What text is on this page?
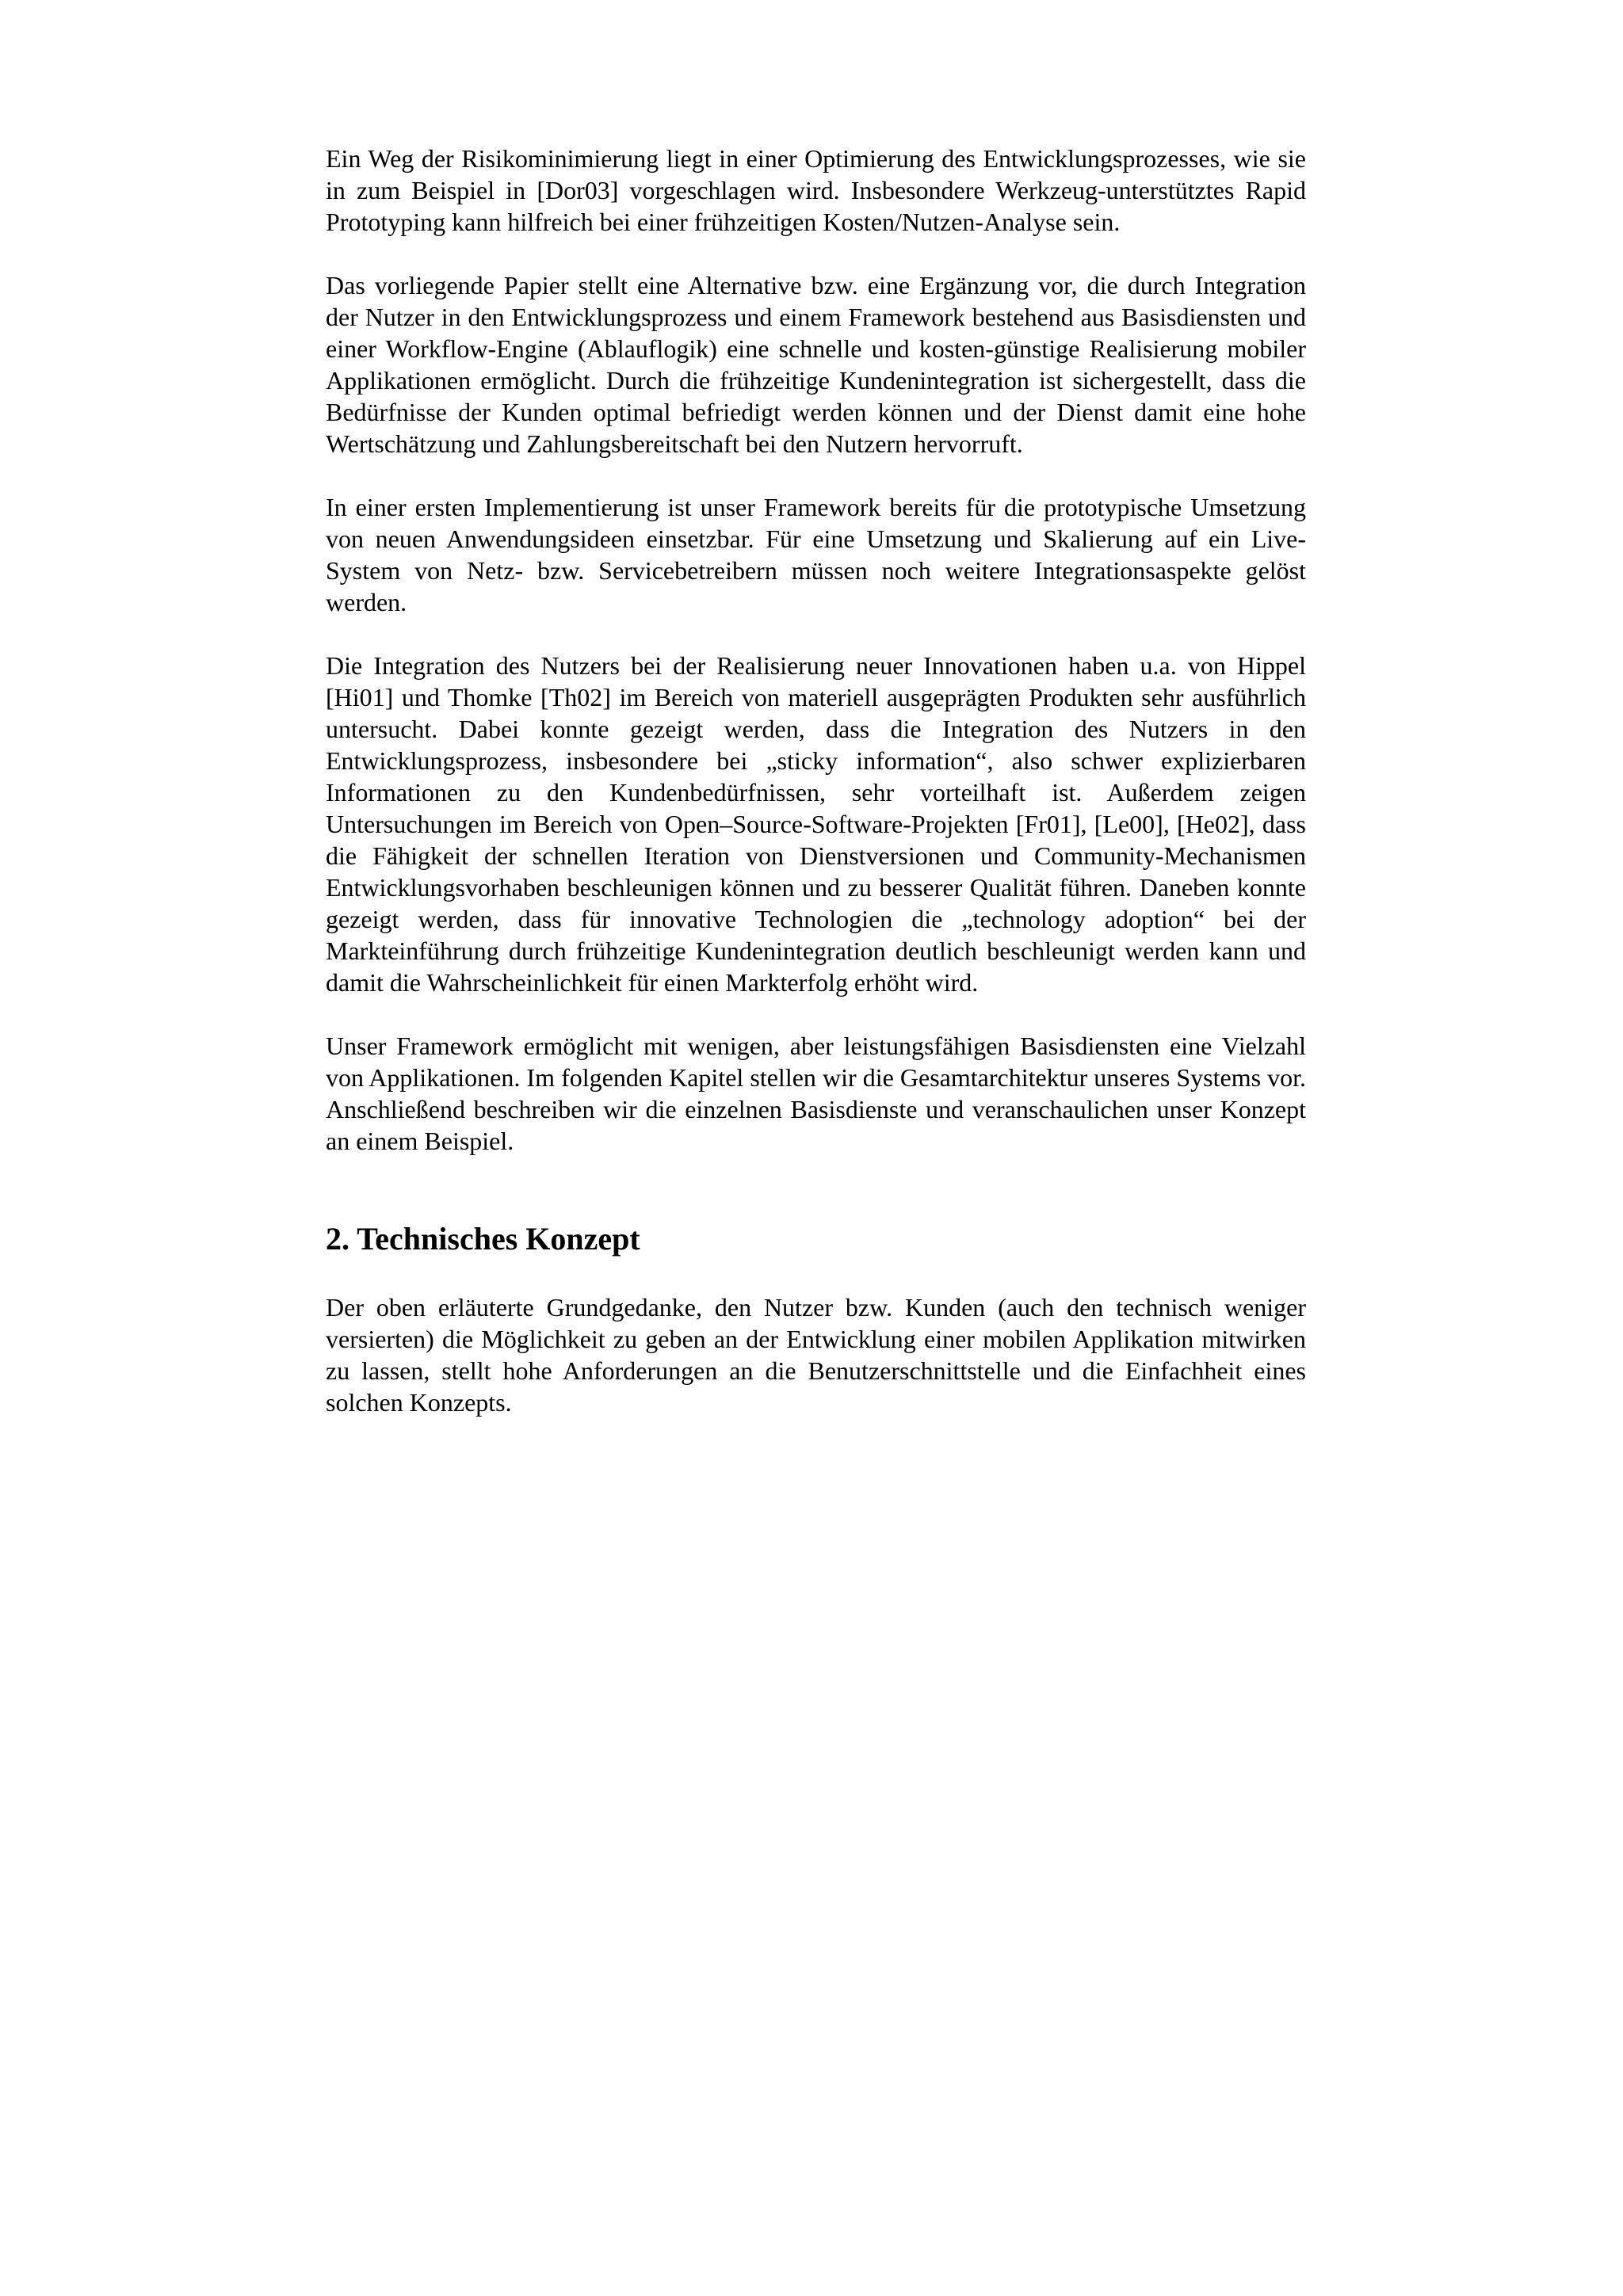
Ein Weg der Risikominimierung liegt in einer Optimierung des Entwicklungsprozesses, wie sie in zum Beispiel in [Dor03] vorgeschlagen wird. Insbesondere Werkzeug-unterstütztes Rapid Prototyping kann hilfreich bei einer frühzeitigen Kosten/Nutzen-Analyse sein.

Das vorliegende Papier stellt eine Alternative bzw. eine Ergänzung vor, die durch Integration der Nutzer in den Entwicklungsprozess und einem Framework bestehend aus Basisdiensten und einer Workflow-Engine (Ablauflogik) eine schnelle und kosten-günstige Realisierung mobiler Applikationen ermöglicht. Durch die frühzeitige Kundenintegration ist sichergestellt, dass die Bedürfnisse der Kunden optimal befriedigt werden können und der Dienst damit eine hohe Wertschätzung und Zahlungsbereitschaft bei den Nutzern hervorruft.

In einer ersten Implementierung ist unser Framework bereits für die prototypische Umsetzung von neuen Anwendungsideen einsetzbar. Für eine Umsetzung und Skalierung auf ein Live-System von Netz- bzw. Servicebetreibern müssen noch weitere Integrationsaspekte gelöst werden.

Die Integration des Nutzers bei der Realisierung neuer Innovationen haben u.a. von Hippel [Hi01] und Thomke [Th02] im Bereich von materiell ausgeprägten Produkten sehr ausführlich untersucht. Dabei konnte gezeigt werden, dass die Integration des Nutzers in den Entwicklungsprozess, insbesondere bei „sticky information“, also schwer explizierbaren Informationen zu den Kundenbedürfnissen, sehr vorteilhaft ist. Außerdem zeigen Untersuchungen im Bereich von Open–Source-Software-Projekten [Fr01], [Le00], [He02], dass die Fähigkeit der schnellen Iteration von Dienstversionen und Community-Mechanismen Entwicklungsvorhaben beschleunigen können und zu besserer Qualität führen. Daneben konnte gezeigt werden, dass für innovative Technologien die „technology adoption“ bei der Markteinführung durch frühzeitige Kundenintegration deutlich beschleunigt werden kann und damit die Wahrscheinlichkeit für einen Markterfolg erhöht wird.

Unser Framework ermöglicht mit wenigen, aber leistungsfähigen Basisdiensten eine Vielzahl von Applikationen. Im folgenden Kapitel stellen wir die Gesamtarchitektur unseres Systems vor. Anschließend beschreiben wir die einzelnen Basisdienste und veranschaulichen unser Konzept an einem Beispiel.

2. Technisches Konzept

Der oben erläuterte Grundgedanke, den Nutzer bzw. Kunden (auch den technisch weniger versierten) die Möglichkeit zu geben an der Entwicklung einer mobilen Applikation mitwirken zu lassen, stellt hohe Anforderungen an die Benutzerschnittstelle und die Einfachheit eines solchen Konzepts.
